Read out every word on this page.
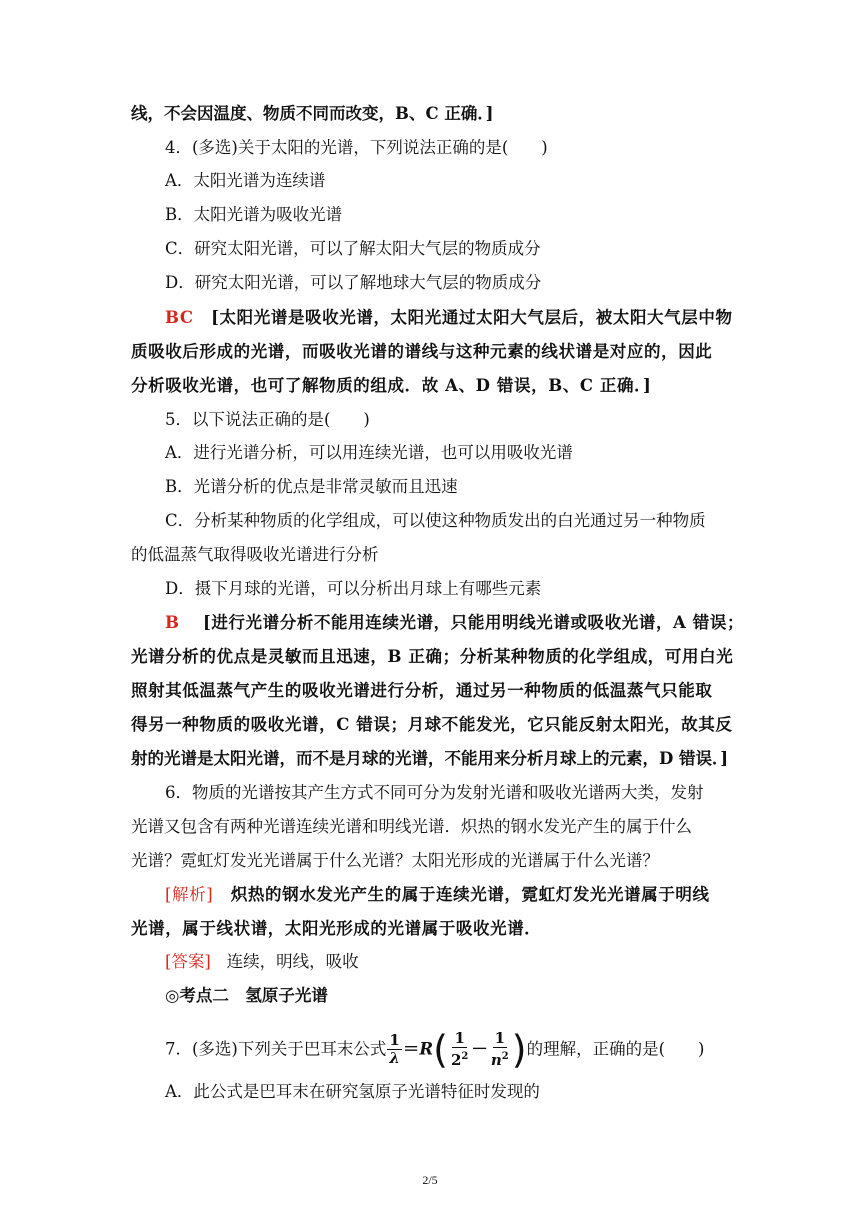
线，不会因温度、物质不同而改变，B、C 正确．]
4．(多选)关于太阳的光谱，下列说法正确的是(　　)
A．太阳光谱为连续谱
B．太阳光谱为吸收光谱
C．研究太阳光谱，可以了解太阳大气层的物质成分
D．研究太阳光谱，可以了解地球大气层的物质成分
BC [太阳光谱是吸收光谱，太阳光通过太阳大气层后，被太阳大气层中物
质吸收后形成的光谱，而吸收光谱的谱线与这种元素的线状谱是对应的，因此
分析吸收光谱，也可了解物质的组成．故 A、D 错误，B、C 正确．]
5．以下说法正确的是(　　)
A．进行光谱分析，可以用连续光谱，也可以用吸收光谱
B．光谱分析的优点是非常灵敏而且迅速
C．分析某种物质的化学组成，可以使这种物质发出的白光通过另一种物质
的低温蒸气取得吸收光谱进行分析
D．摄下月球的光谱，可以分析出月球上有哪些元素
B [进行光谱分析不能用连续光谱，只能用明线光谱或吸收光谱，A 错误；
光谱分析的优点是灵敏而且迅速，B 正确；分析某种物质的化学组成，可用白光
照射其低温蒸气产生的吸收光谱进行分析，通过另一种物质的低温蒸气只能取
得另一种物质的吸收光谱，C 错误；月球不能发光，它只能反射太阳光，故其反
射的光谱是太阳光谱，而不是月球的光谱，不能用来分析月球上的元素，D 错误．]
6．物质的光谱按其产生方式不同可分为发射光谱和吸收光谱两大类，发射
光谱又包含有两种光谱连续光谱和明线光谱．炽热的钢水发光产生的属于什么
光谱？霓虹灯发光光谱属于什么光谱？太阳光形成的光谱属于什么光谱？
[解析] 炽热的钢水发光产生的属于连续光谱，霓虹灯发光光谱属于明线
光谱，属于线状谱，太阳光形成的光谱属于吸收光谱．
[答案] 连续，明线，吸收
◎考点二　氢原子光谱
7．(多选)下列关于巴耳末公式 $\frac{1}{\lambda} =R( \frac{1}{2^2} - \frac{1}{n^2}$ )的理解，正确的是(　　)
A．此公式是巴耳末在研究氢原子光谱特征时发现的
2/5
